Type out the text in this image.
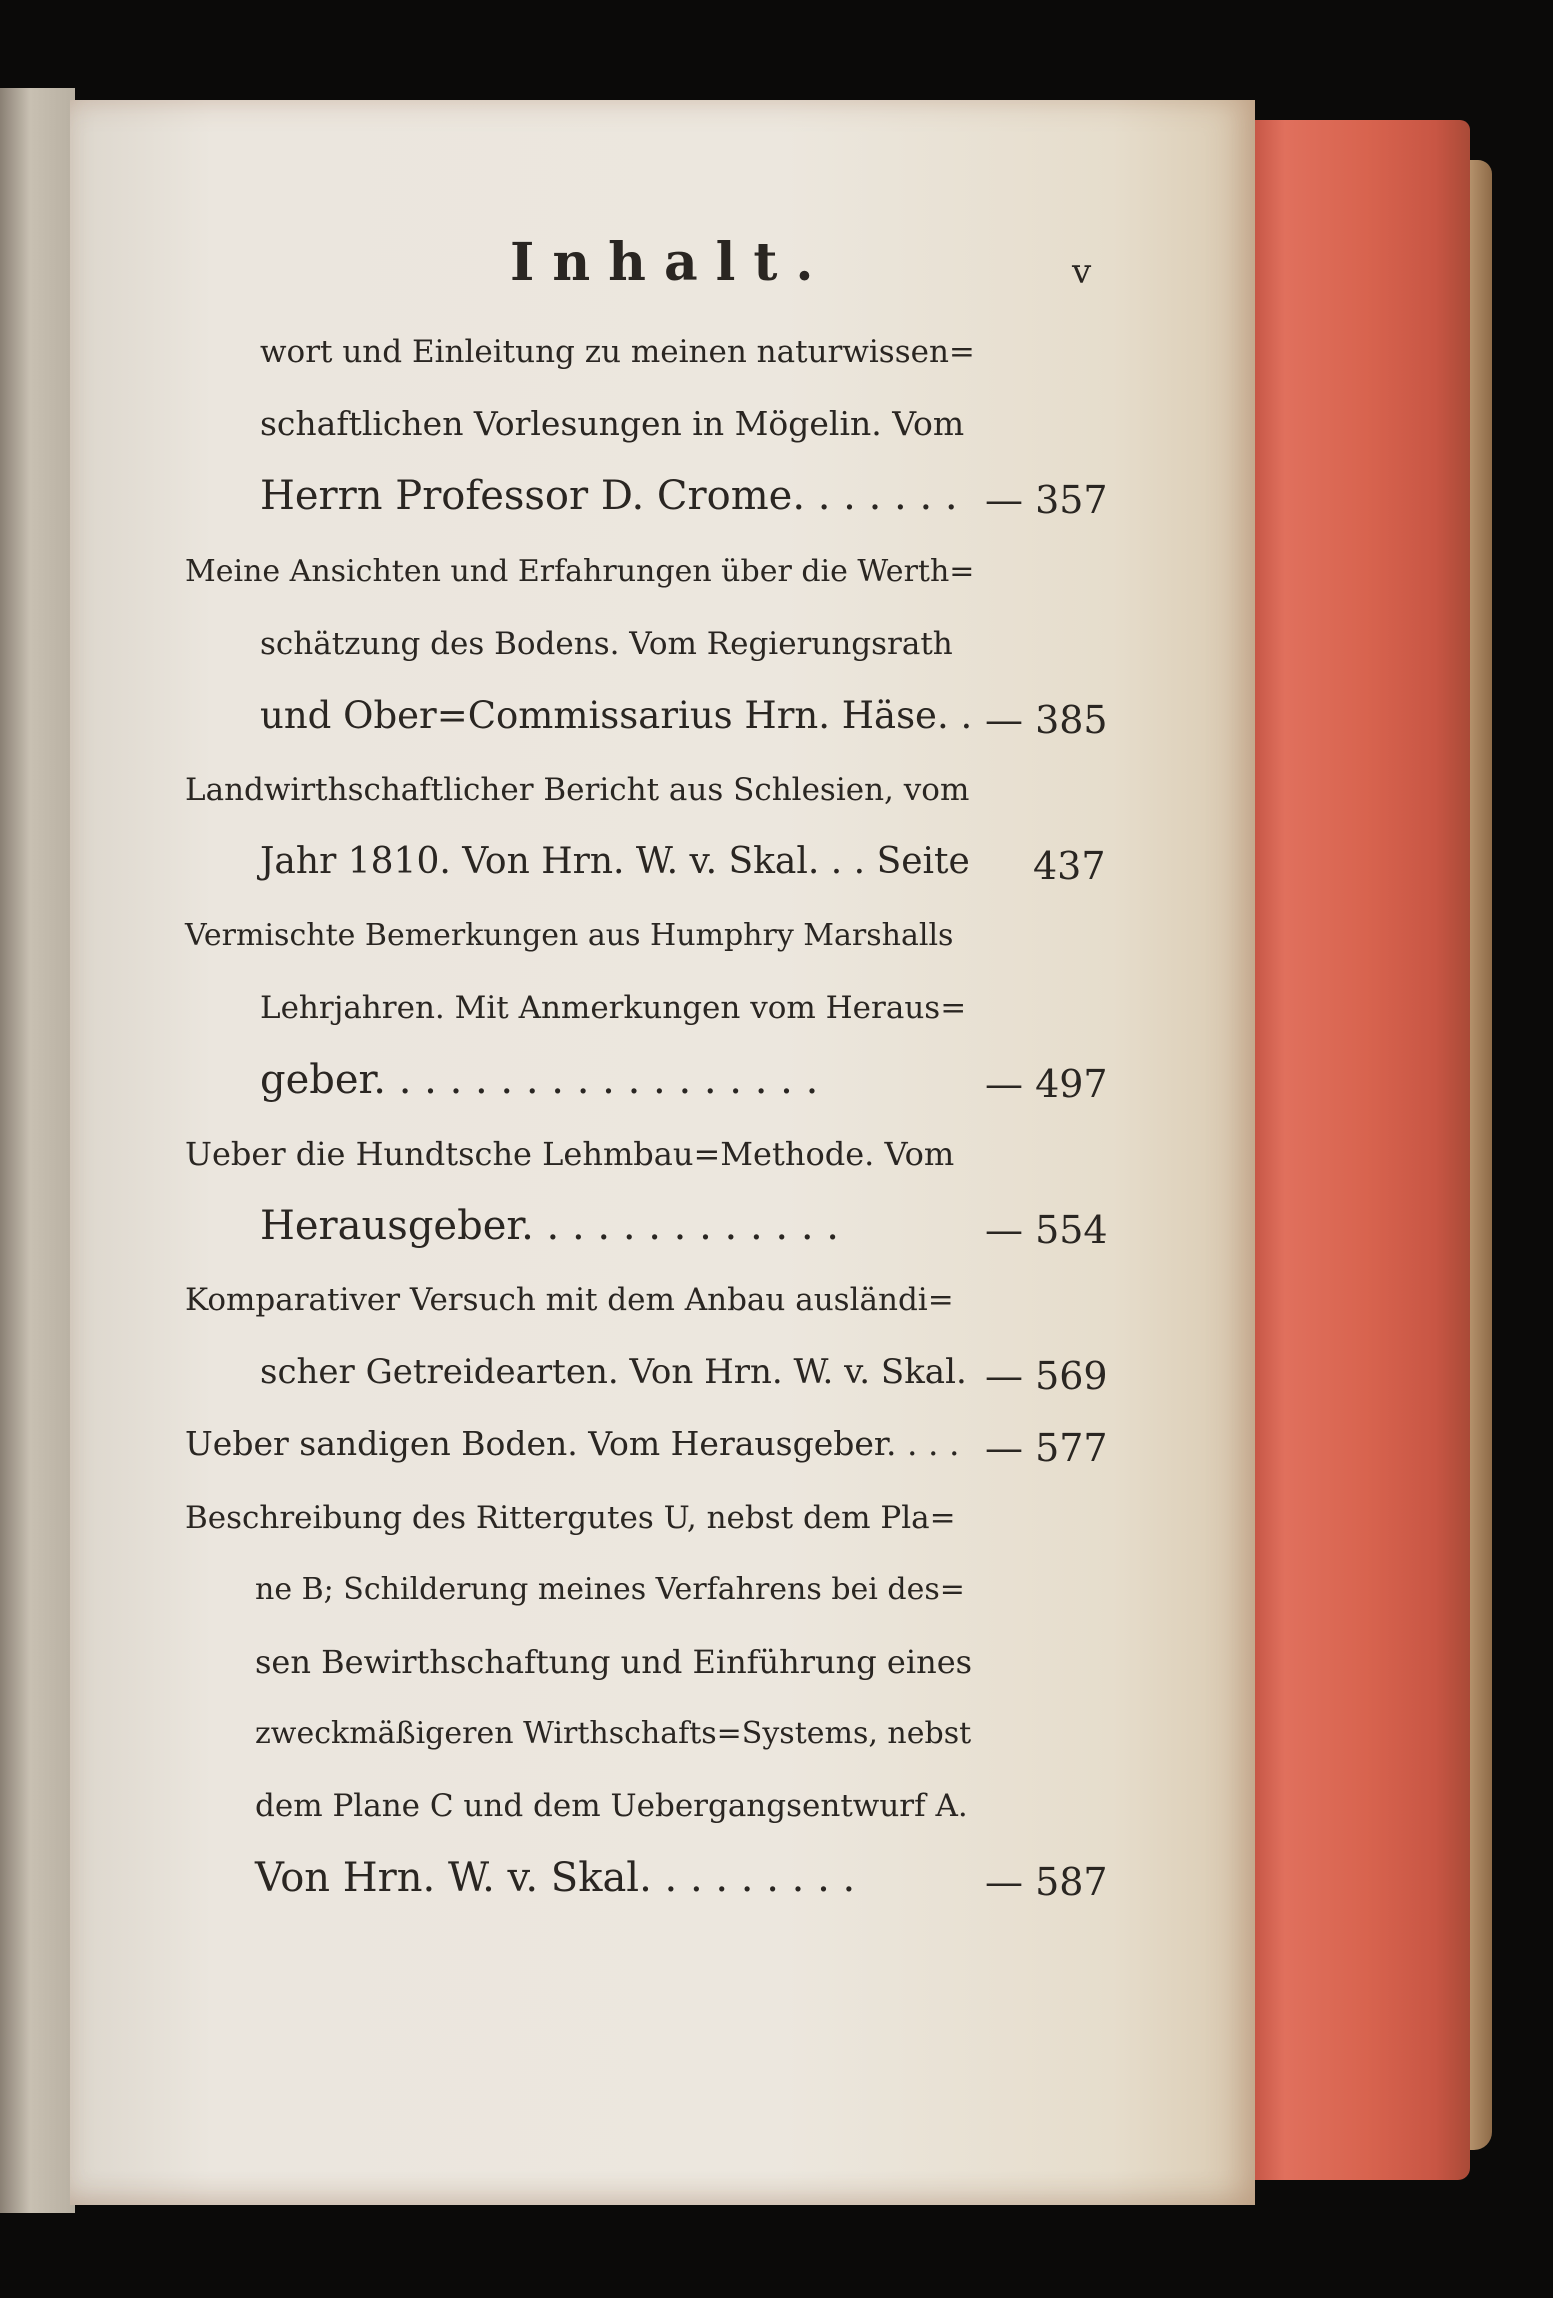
Inhalt.	v
wort und Einleitung zu meinen naturwissen=
schaftlichen Vorlesungen in Mögelin. Vom
Herrn Professor D. Crome. . . . . . . — 357
Meine Ansichten und Erfahrungen über die Werth=
schätzung des Bodens. Vom Regierungsrath
und Ober=Commissarius Hrn. Häse. . — 385
Landwirthschaftlicher Bericht aus Schlesien, vom
Jahr 1810. Von Hrn. W. v. Skal. . . Seite 437
Vermischte Bemerkungen aus Humphry Marshalls
Lehrjahren. Mit Anmerkungen vom Heraus=
geber. . . . . . . . . . . . . . . . . .	— 497
Ueber die Hundtsche Lehmbau=Methode. Vom
Herausgeber. . . . . . . . . . . . .	— 554
Komparativer Versuch mit dem Anbau ausländi=
scher Getreidearten. Von Hrn. W. v. Skal. — 569
Ueber sandigen Boden. Vom Herausgeber. . . . — 577
Beschreibung des Rittergutes U, nebst dem Pla=
ne B; Schilderung meines Verfahrens bei des=
sen Bewirthschaftung und Einführung eines
zweckmäßigeren Wirthschafts=Systems, nebst
dem Plane C und dem Uebergangsentwurf A.
Von Hrn. W. v. Skal. . . . . . . . .	— 587
